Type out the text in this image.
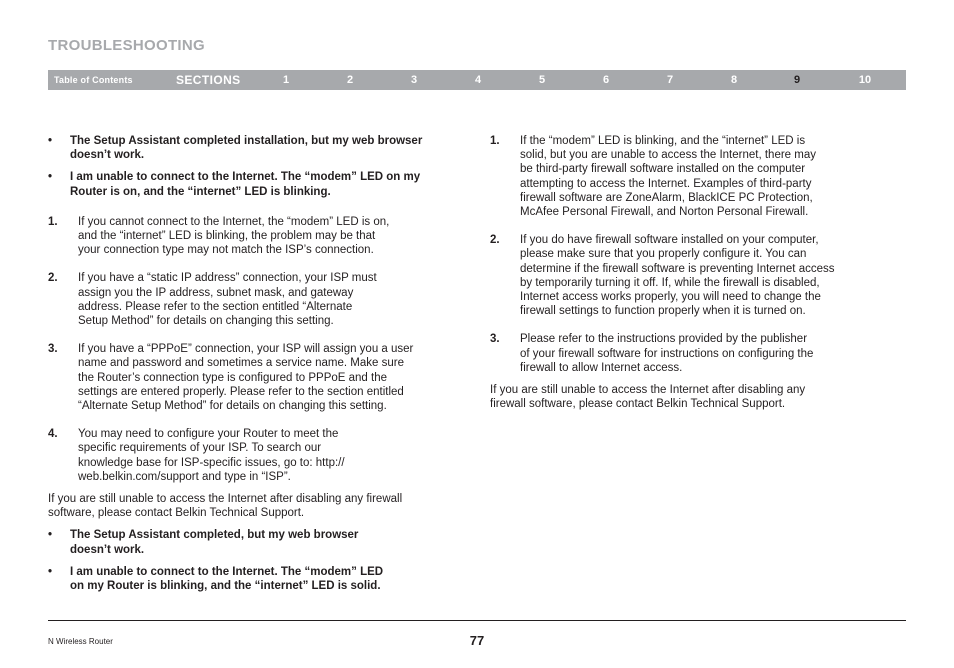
TROUBLESHOOTING
Table of Contents	SECTIONS	1	2	3	4	5	6	7	8	9	10
• The Setup Assistant completed installation, but my web browser doesn’t work.
• I am unable to connect to the Internet. The “modem” LED on my Router is on, and the “internet” LED is blinking.
1. If you cannot connect to the Internet, the “modem” LED is on,
and the “internet” LED is blinking, the problem may be that
your connection type may not match the ISP’s connection.
2. If you have a “static IP address” connection, your ISP must
assign you the IP address, subnet mask, and gateway
address. Please refer to the section entitled “Alternate
Setup Method” for details on changing this setting.
3. If you have a “PPPoE” connection, your ISP will assign you a user
name and password and sometimes a service name. Make sure
the Router’s connection type is configured to PPPoE and the
settings are entered properly. Please refer to the section entitled
“Alternate Setup Method” for details on changing this setting.
4. You may need to configure your Router to meet the
specific requirements of your ISP. To search our
knowledge base for ISP-specific issues, go to: http://
web.belkin.com/support and type in “ISP”.
If you are still unable to access the Internet after disabling any firewall
software, please contact Belkin Technical Support.
• The Setup Assistant completed, but my web browser
doesn’t work.
• I am unable to connect to the Internet. The “modem” LED
on my Router is blinking, and the “internet” LED is solid.
1. If the “modem” LED is blinking, and the “internet” LED is
solid, but you are unable to access the Internet, there may
be third-party firewall software installed on the computer
attempting to access the Internet. Examples of third-party
firewall software are ZoneAlarm, BlackICE PC Protection,
McAfee Personal Firewall, and Norton Personal Firewall.
2. If you do have firewall software installed on your computer,
please make sure that you properly configure it. You can
determine if the firewall software is preventing Internet access
by temporarily turning it off. If, while the firewall is disabled,
Internet access works properly, you will need to change the
firewall settings to function properly when it is turned on.
3. Please refer to the instructions provided by the publisher
of your firewall software for instructions on configuring the
firewall to allow Internet access.
If you are still unable to access the Internet after disabling any
firewall software, please contact Belkin Technical Support.
N Wireless Router	77
